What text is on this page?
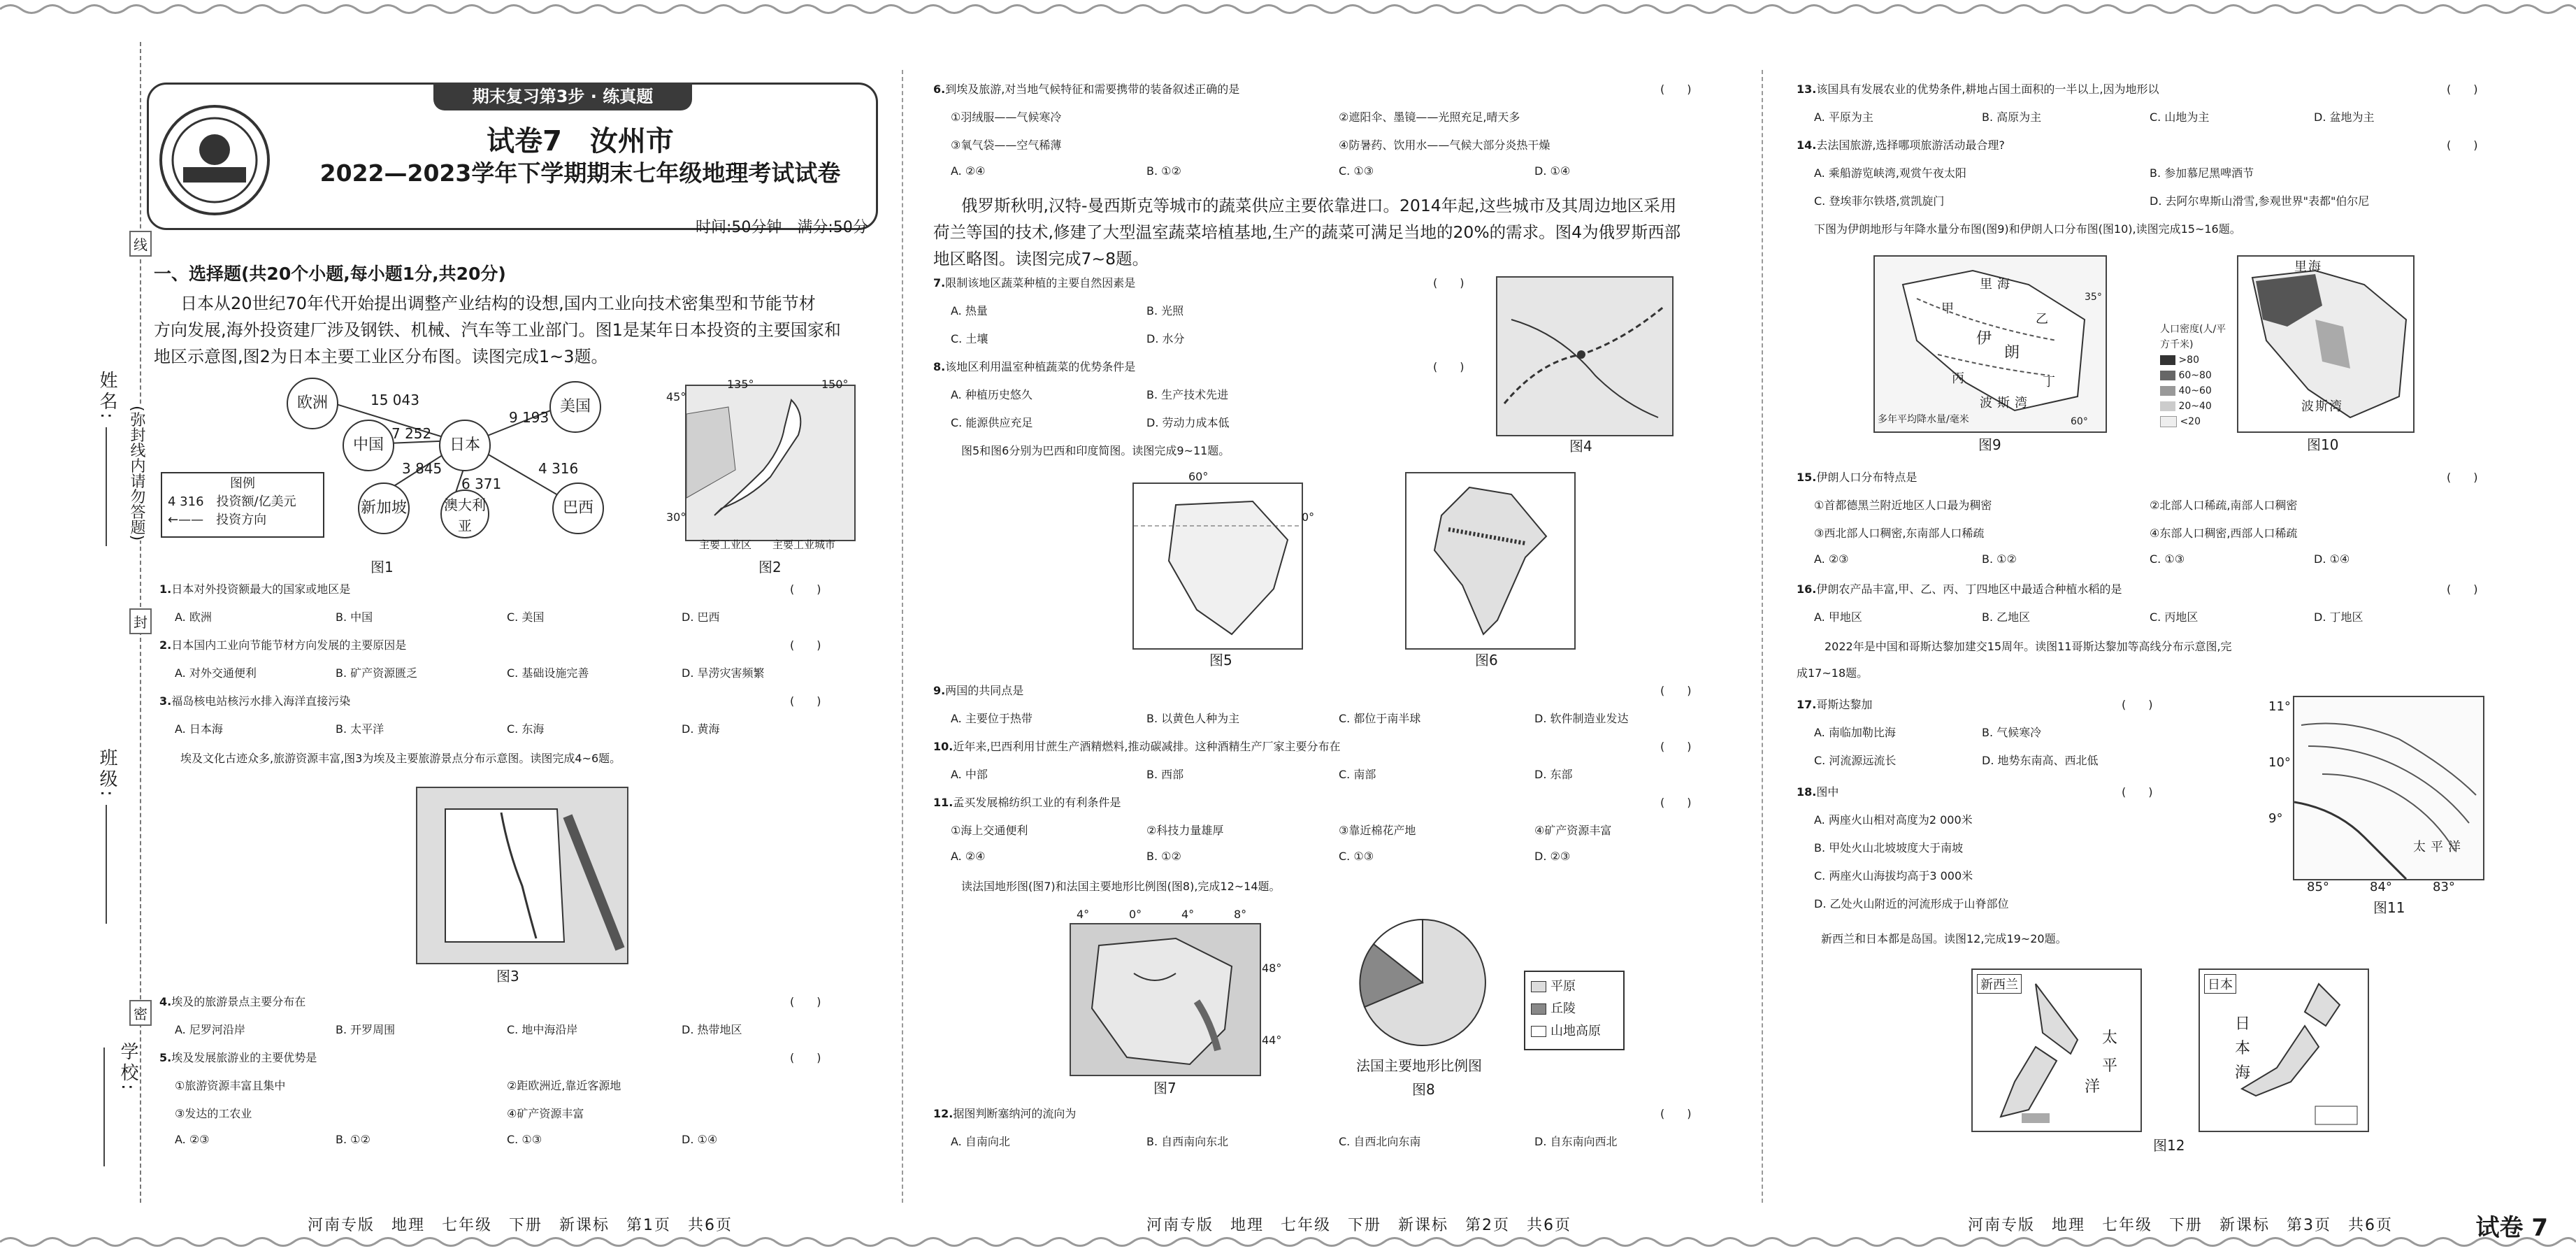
姓名:
班级:
学校:
线
封
密
(弥封线内请勿答题)
期末复习第3步 · 练真题
试卷7　汝州市
2022—2023学年下学期期末七年级地理考试试卷
时间:50分钟　满分:50分
一、选择题(共20个小题,每小题1分,共20分)
日本从20世纪70年代开始提出调整产业结构的设想,国内工业向技术密集型和节能节材
方向发展,海外投资建厂涉及钢铁、机械、汽车等工业部门。图1是某年日本投资的主要国家和
地区示意图,图2为日本主要工业区分布图。读图完成1~3题。
欧洲
中国	日本
美国
新加坡	澳大利亚
巴西
15 043
7 252
9 193
3 845
6 371
4 316
图例
4 316　投资额/亿美元
←——　投资方向
图1
135°	150°
45°
30°
主要工业区　　主要工业城市
图2
1.日本对外投资额最大的国家或地区是	(　　)
A. 欧洲	B. 中国	C. 美国	D. 巴西
2.日本国内工业向节能节材方向发展的主要原因是	(　　)
A. 对外交通便利	B. 矿产资源匮乏	C. 基础设施完善	D. 旱涝灾害频繁
3.福岛核电站核污水排入海洋直接污染	(　　)
A. 日本海	B. 太平洋	C. 东海	D. 黄海
埃及文化古迹众多,旅游资源丰富,图3为埃及主要旅游景点分布示意图。读图完成4~6题。
图3
4.埃及的旅游景点主要分布在	(　　)
A. 尼罗河沿岸	B. 开罗周围	C. 地中海沿岸	D. 热带地区
5.埃及发展旅游业的主要优势是	(　　)
①旅游资源丰富且集中	②距欧洲近,靠近客源地
③发达的工农业	④矿产资源丰富
A. ②③	B. ①②	C. ①③	D. ①④
河南专版　地理　七年级　下册　新课标　第1页　共6页
6.到埃及旅游,对当地气候特征和需要携带的装备叙述正确的是	(　　)
①羽绒服——气候寒冷	②遮阳伞、墨镜——光照充足,晴天多
③氧气袋——空气稀薄	④防暑药、饮用水——气候大部分炎热干燥
A. ②④	B. ①②	C. ①③	D. ①④
俄罗斯秋明,汉特-曼西斯克等城市的蔬菜供应主要依靠进口。2014年起,这些城市及其周边地区采用
荷兰等国的技术,修建了大型温室蔬菜培植基地,生产的蔬菜可满足当地的20%的需求。图4为俄罗斯西部
地区略图。读图完成7~8题。
7.限制该地区蔬菜种植的主要自然因素是	(　　)
A. 热量	B. 光照
C. 土壤	D. 水分
8.该地区利用温室种植蔬菜的优势条件是	(　　)
A. 种植历史悠久	B. 生产技术先进
C. 能源供应充足	D. 劳动力成本低
图4
图5和图6分别为巴西和印度简图。读图完成9~11题。
60°
0°
图5	图6
9.两国的共同点是	(　　)
A. 主要位于热带	B. 以黄色人种为主	C. 都位于南半球	D. 软件制造业发达
10.近年来,巴西利用甘蔗生产酒精燃料,推动碳减排。这种酒精生产厂家主要分布在	(　　)
A. 中部	B. 西部	C. 南部	D. 东部
11.孟买发展棉纺织工业的有利条件是	(　　)
①海上交通便利	②科技力量雄厚	③靠近棉花产地	④矿产资源丰富
A. ②④	B. ①②	C. ①③	D. ②③
读法国地形图(图7)和法国主要地形比例图(图8),完成12~14题。
4°	0°	4°	8°
48°
44°
图7
平原
丘陵
山地高原
法国主要地形比例图
图8
12.据图判断塞纳河的流向为	(　　)
A. 自南向北	B. 自西南向东北	C. 自西北向东南	D. 自东南向西北
河南专版　地理　七年级　下册　新课标　第2页　共6页
13.该国具有发展农业的优势条件,耕地占国土面积的一半以上,因为地形以	(　　)
A. 平原为主	B. 高原为主	C. 山地为主	D. 盆地为主
14.去法国旅游,选择哪项旅游活动最合理?	(　　)
A. 乘船游览峡湾,观赏午夜太阳	B. 参加慕尼黑啤酒节
C. 登埃菲尔铁塔,赏凯旋门	D. 去阿尔卑斯山滑雪,参观世界"表都"伯尔尼
下图为伊朗地形与年降水量分布图(图9)和伊朗人口分布图(图10),读图完成15~16题。
伊
朗
甲
乙
丙	丁
里 海
波 斯 湾
多年平均降水量/毫米
35°
60°
图9
里 海
波 斯 湾
人口密度(人/平方千米)
>80
60~80
40~60
20~40
<20
图10
15.伊朗人口分布特点是	(　　)
①首都德黑兰附近地区人口最为稠密	②北部人口稀疏,南部人口稠密
③西北部人口稠密,东南部人口稀疏	④东部人口稠密,西部人口稀疏
A. ②③	B. ①②	C. ①③	D. ①④
16.伊朗农产品丰富,甲、乙、丙、丁四地区中最适合种植水稻的是	(　　)
A. 甲地区	B. 乙地区	C. 丙地区	D. 丁地区
2022年是中国和哥斯达黎加建交15周年。读图11哥斯达黎加等高线分布示意图,完
成17~18题。
17.哥斯达黎加	(　　)
A. 南临加勒比海	B. 气候寒冷
C. 河流源远流长	D. 地势东南高、西北低
18.图中	(　　)
A. 两座火山相对高度为2 000米
B. 甲处火山北坡坡度大于南坡
C. 两座火山海拔均高于3 000米
D. 乙处火山附近的河流形成于山脊部位
太 平 洋
11°
10°
9°
85°	84°	83°
图11
新西兰和日本都是岛国。读图12,完成19~20题。
新西兰
太
平
洋
日本
日
本
海
图12
河南专版　地理　七年级　下册　新课标　第3页　共6页	试卷 7
